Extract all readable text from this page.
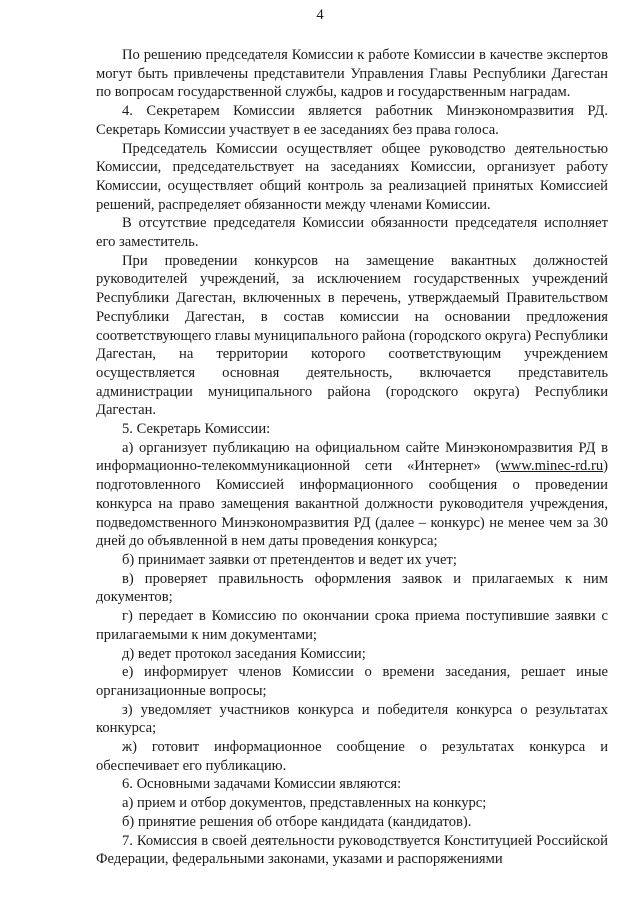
4

По решению председателя Комиссии к работе Комиссии в качестве экспертов могут быть привлечены представители Управления Главы Республики Дагестан по вопросам государственной службы, кадров и государственным наградам.

4. Секретарем Комиссии является работник Минэкономразвития РД. Секретарь Комиссии участвует в ее заседаниях без права голоса.

Председатель Комиссии осуществляет общее руководство деятельностью Комиссии, председательствует на заседаниях Комиссии, организует работу Комиссии, осуществляет общий контроль за реализацией принятых Комиссией решений, распределяет обязанности между членами Комиссии.

В отсутствие председателя Комиссии обязанности председателя исполняет его заместитель.

При проведении конкурсов на замещение вакантных должностей руководителей учреждений, за исключением государственных учреждений Республики Дагестан, включенных в перечень, утверждаемый Правительством Республики Дагестан, в состав комиссии на основании предложения соответствующего главы муниципального района (городского округа) Республики Дагестан, на территории которого соответствующим учреждением осуществляется основная деятельность, включается представитель администрации муниципального района (городского округа) Республики Дагестан.

5. Секретарь Комиссии:

а) организует публикацию на официальном сайте Минэкономразвития РД в информационно-телекоммуникационной сети «Интернет» (www.minec-rd.ru) подготовленного Комиссией информационного сообщения о проведении конкурса на право замещения вакантной должности руководителя учреждения, подведомственного Минэкономразвития РД (далее – конкурс) не менее чем за 30 дней до объявленной в нем даты проведения конкурса;

б) принимает заявки от претендентов и ведет их учет;

в) проверяет правильность оформления заявок и прилагаемых к ним документов;

г) передает в Комиссию по окончании срока приема поступившие заявки с прилагаемыми к ним документами;

д) ведет протокол заседания Комиссии;

е) информирует членов Комиссии о времени заседания, решает иные организационные вопросы;

з) уведомляет участников конкурса и победителя конкурса о результатах конкурса;

ж) готовит информационное сообщение о результатах конкурса и обеспечивает его публикацию.

6. Основными задачами Комиссии являются:

а) прием и отбор документов, представленных на конкурс;

б) принятие решения об отборе кандидата (кандидатов).

7. Комиссия в своей деятельности руководствуется Конституцией Российской Федерации, федеральными законами, указами и распоряжениями
